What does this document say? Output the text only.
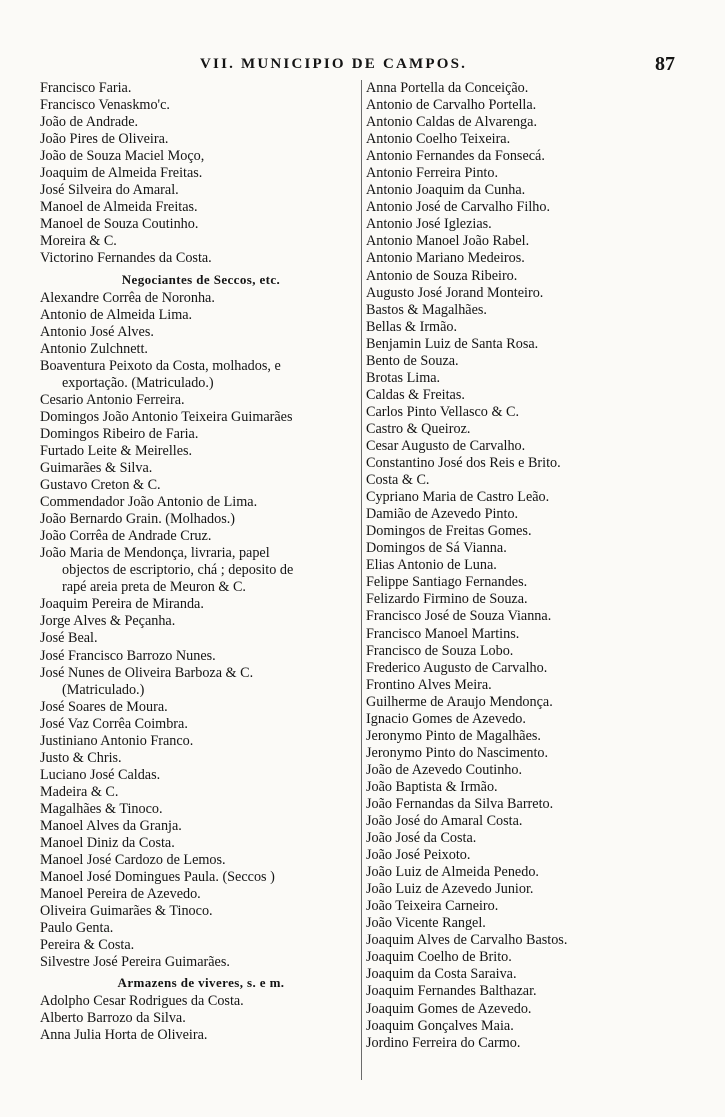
VII. MUNICIPIO DE CAMPOS.	87
Francisco Faria.
Francisco Venaskmo'c.
João de Andrade.
João Pires de Oliveira.
João de Souza Maciel Moço,
Joaquim de Almeida Freitas.
José Silveira do Amaral.
Manoel de Almeida Freitas.
Manoel de Souza Coutinho.
Moreira & C.
Victorino Fernandes da Costa.
Negociantes de Seccos, etc.
Alexandre Corrêa de Noronha.
Antonio de Almeida Lima.
Antonio José Alves.
Antonio Zulchnett.
Boaventura Peixoto da Costa, molhados, e
exportação. (Matriculado.)
Cesario Antonio Ferreira.
Domingos João Antonio Teixeira Guimarães
Domingos Ribeiro de Faria.
Furtado Leite & Meirelles.
Guimarães & Silva.
Gustavo Creton & C.
Commendador João Antonio de Lima.
João Bernardo Grain. (Molhados.)
João Corrêa de Andrade Cruz.
João Maria de Mendonça, livraria, papel
objectos de escriptorio, chá ; deposito de
rapé areia preta de Meuron & C.
Joaquim Pereira de Miranda.
Jorge Alves & Peçanha.
José Beal.
José Francisco Barrozo Nunes.
José Nunes de Oliveira Barboza & C.
(Matriculado.)
José Soares de Moura.
José Vaz Corrêa Coimbra.
Justiniano Antonio Franco.
Justo & Chris.
Luciano José Caldas.
Madeira & C.
Magalhães & Tinoco.
Manoel Alves da Granja.
Manoel Diniz da Costa.
Manoel José Cardozo de Lemos.
Manoel José Domingues Paula. (Seccos )
Manoel Pereira de Azevedo.
Oliveira Guimarães & Tinoco.
Paulo Genta.
Pereira & Costa.
Silvestre José Pereira Guimarães.
Armazens de viveres, s. e m.
Adolpho Cesar Rodrigues da Costa.
Alberto Barrozo da Silva.
Anna Julia Horta de Oliveira.
Anna Portella da Conceição.
Antonio de Carvalho Portella.
Antonio Caldas de Alvarenga.
Antonio Coelho Teixeira.
Antonio Fernandes da Fonsecá.
Antonio Ferreira Pinto.
Antonio Joaquim da Cunha.
Antonio José de Carvalho Filho.
Antonio José Iglezias.
Antonio Manoel João Rabel.
Antonio Mariano Medeiros.
Antonio de Souza Ribeiro.
Augusto José Jorand Monteiro.
Bastos & Magalhães.
Bellas & Irmão.
Benjamin Luiz de Santa Rosa.
Bento de Souza.
Brotas Lima.
Caldas & Freitas.
Carlos Pinto Vellasco & C.
Castro & Queiroz.
Cesar Augusto de Carvalho.
Constantino José dos Reis e Brito.
Costa & C.
Cypriano Maria de Castro Leão.
Damião de Azevedo Pinto.
Domingos de Freitas Gomes.
Domingos de Sá Vianna.
Elias Antonio de Luna.
Felippe Santiago Fernandes.
Felizardo Firmino de Souza.
Francisco José de Souza Vianna.
Francisco Manoel Martins.
Francisco de Souza Lobo.
Frederico Augusto de Carvalho.
Frontino Alves Meira.
Guilherme de Araujo Mendonça.
Ignacio Gomes de Azevedo.
Jeronymo Pinto de Magalhães.
Jeronymo Pinto do Nascimento.
João de Azevedo Coutinho.
João Baptista & Irmão.
João Fernandas da Silva Barreto.
João José do Amaral Costa.
João José da Costa.
João José Peixoto.
João Luiz de Almeida Penedo.
João Luiz de Azevedo Junior.
João Teixeira Carneiro.
João Vicente Rangel.
Joaquim Alves de Carvalho Bastos.
Joaquim Coelho de Brito.
Joaquim da Costa Saraiva.
Joaquim Fernandes Balthazar.
Joaquim Gomes de Azevedo.
Joaquim Gonçalves Maia.
Jordino Ferreira do Carmo.
